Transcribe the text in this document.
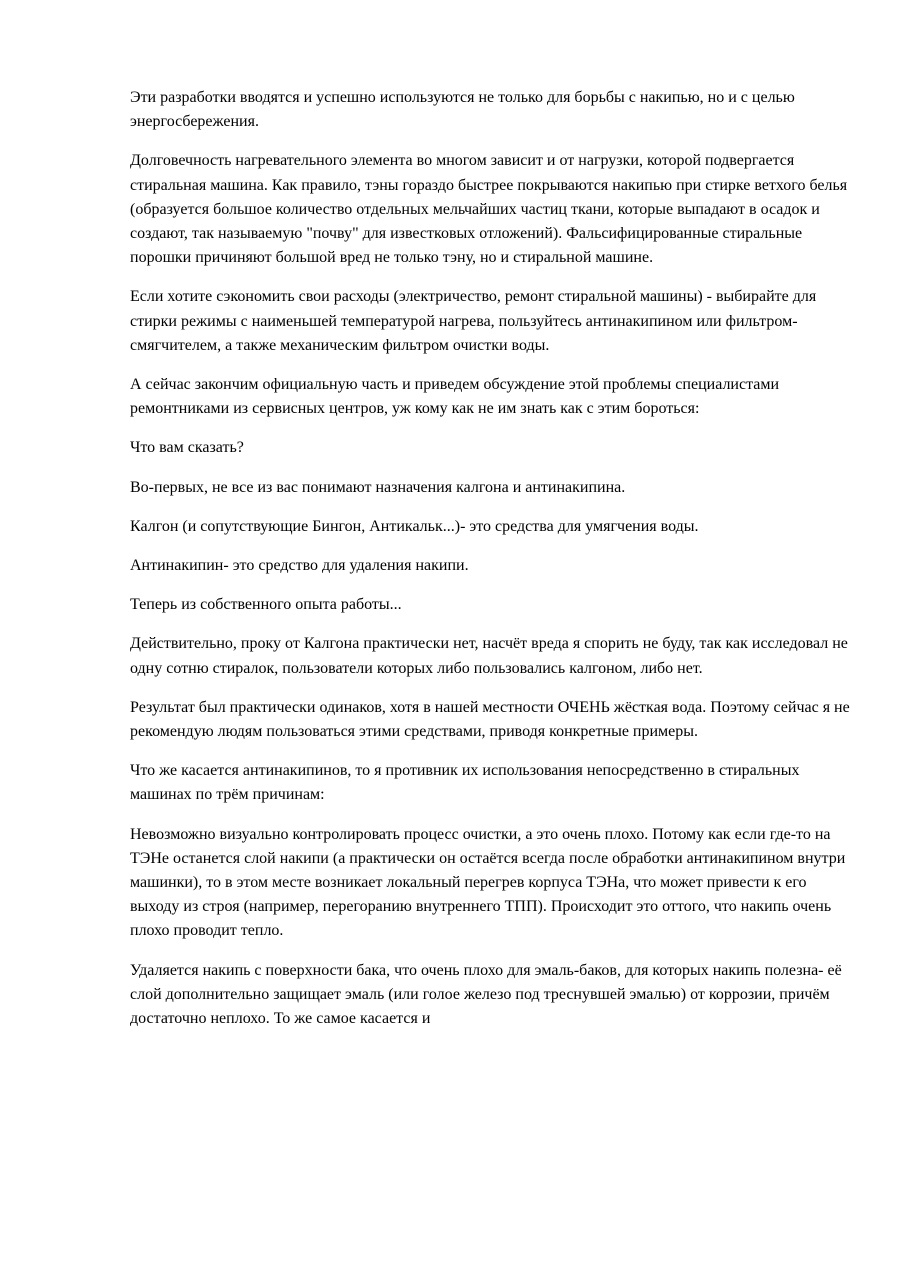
Эти разработки вводятся и успешно используются не только для борьбы с накипью, но и с целью энергосбережения.

Долговечность нагревательного элемента во многом зависит и от нагрузки, которой подвергается стиральная машина. Как правило, тэны гораздо быстрее покрываются накипью при стирке ветхого белья (образуется большое количество отдельных мельчайших частиц ткани, которые выпадают в осадок и создают, так называемую "почву" для известковых отложений). Фальсифицированные стиральные порошки причиняют большой вред не только тэну, но и стиральной машине.

Если хотите сэкономить свои расходы (электричество, ремонт стиральной машины) - выбирайте для стирки режимы с наименьшей температурой нагрева, пользуйтесь антинакипином или фильтром-смягчителем, а также механическим фильтром очистки воды.

А сейчас закончим официальную часть и приведем обсуждение этой проблемы специалистами ремонтниками из сервисных центров, уж кому как не им знать как с этим бороться:

Что вам сказать?

Во-первых, не все из вас понимают назначения калгона и антинакипина.

Калгон (и сопутствующие Бингон, Антикальк...)- это средства для умягчения воды.

Антинакипин- это средство для удаления накипи.

Теперь из собственного опыта работы...

Действительно, проку от Калгона практически нет, насчёт вреда я спорить не буду, так как исследовал не одну сотню стиралок, пользователи которых либо пользовались калгоном, либо нет.

Результат был практически одинаков, хотя в нашей местности ОЧЕНЬ жёсткая вода. Поэтому сейчас я не рекомендую людям пользоваться этими средствами, приводя конкретные примеры.

Что же касается антинакипинов, то я противник их использования непосредственно в стиральных машинах по трём причинам:

Невозможно визуально контролировать процесс очистки, а это очень плохо. Потому как если где-то на ТЭНе останется слой накипи (а практически он остаётся всегда после обработки антинакипином внутри машинки), то в этом месте возникает локальный перегрев корпуса ТЭНа, что может привести к его выходу из строя (например, перегоранию внутреннего ТПП). Происходит это оттого, что накипь очень плохо проводит тепло.

Удаляется накипь с поверхности бака, что очень плохо для эмаль-баков, для которых накипь полезна- её слой дополнительно защищает эмаль (или голое железо под треснувшей эмалью) от коррозии, причём достаточно неплохо. То же самое касается и
